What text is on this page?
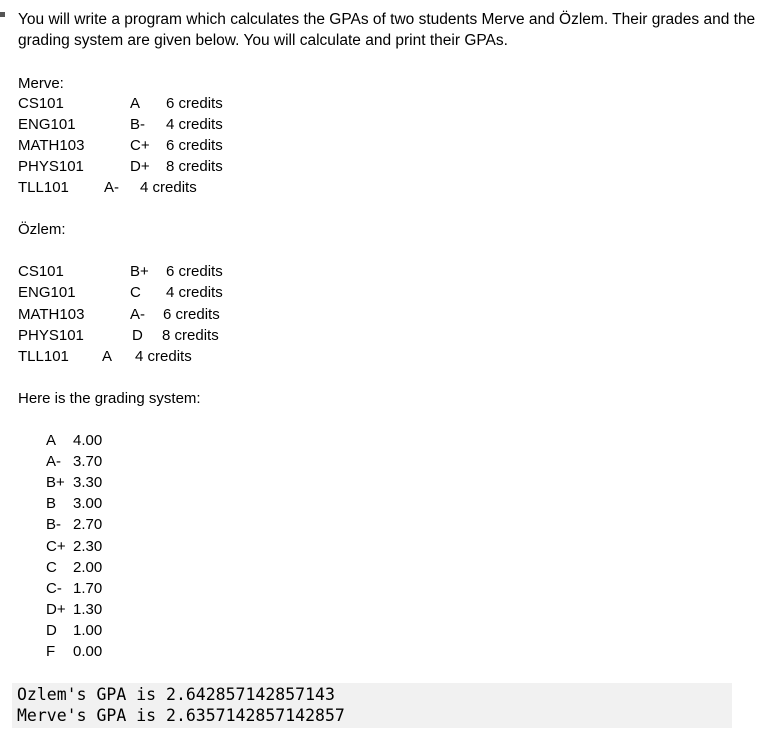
You will write a program which calculates the GPAs of two students Merve and Özlem. Their grades and the grading system are given below. You will calculate and print their GPAs.
Merve:
CS101	A 6 credits
ENG101	B- 4 credits
MATH103	C+ 6 credits
PHYS101	D+ 8 credits
TLL101 A- 4 credits
Özlem:
CS101	B+ 6 credits
ENG101	C 4 credits
MATH103	A- 6 credits
PHYS101	D 8 credits
TLL101 A 4 credits
Here is the grading system:
A 4.00
A- 3.70
B+ 3.30
B 3.00
B- 2.70
C+ 2.30
C 2.00
C- 1.70
D+ 1.30
D 1.00
F 0.00
Ozlem's GPA is 2.642857142857143
Merve's GPA is 2.6357142857142857
